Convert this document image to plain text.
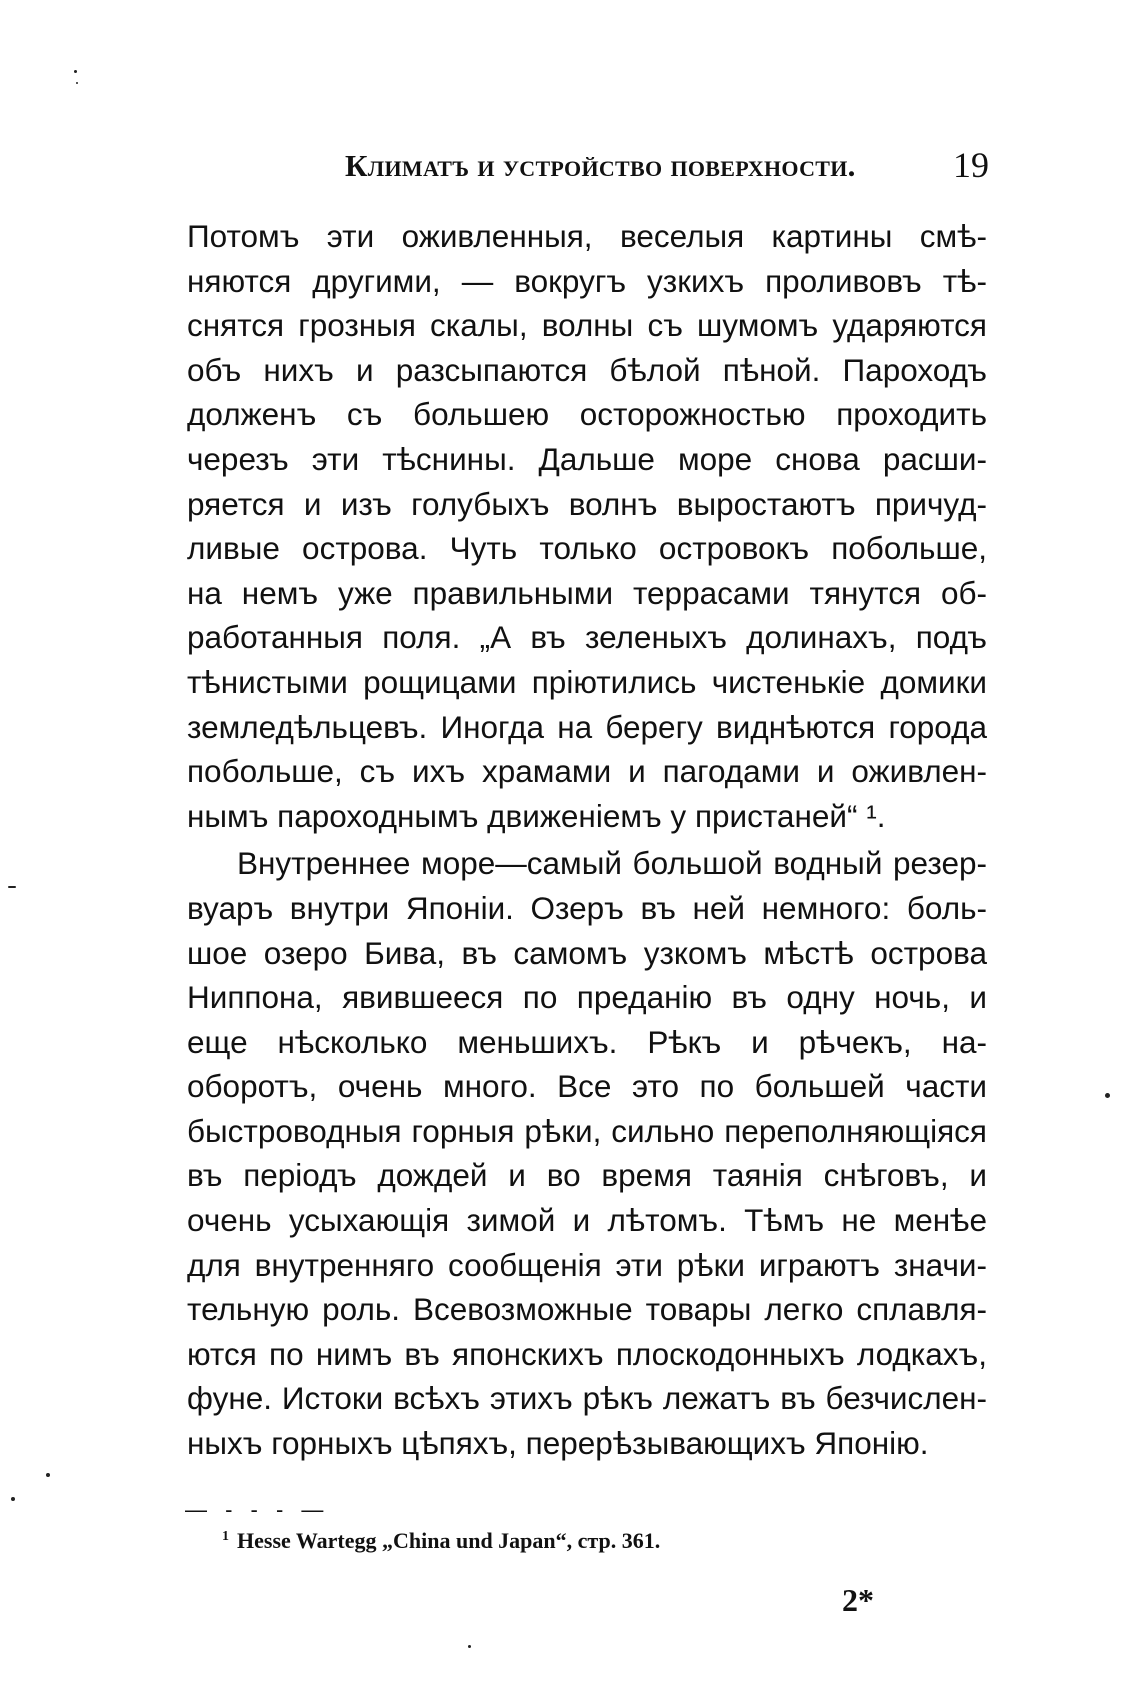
Климатъ и устройство поверхности.	19
Потомъ эти оживленныя, веселыя картины смѣ-
няются другими, — вокругъ узкихъ проливовъ тѣ-
снятся грозныя скалы, волны съ шумомъ ударяются
объ нихъ и разсыпаются бѣлой пѣной. Пароходъ
долженъ съ большею осторожностью проходить
черезъ эти тѣснины. Дальше море снова расши-
ряется и изъ голубыхъ волнъ выростаютъ причуд-
ливые острова. Чуть только островокъ побольше,
на немъ уже правильными террасами тянутся об-
работанныя поля. „А въ зеленыхъ долинахъ, подъ
тѣнистыми рощицами пріютились чистенькіе домики
земледѣльцевъ. Иногда на берегу виднѣются города
побольше, съ ихъ храмами и пагодами и оживлен-
нымъ пароходнымъ движеніемъ у пристаней“ ¹.
Внутреннее море—самый большой водный резер-
вуаръ внутри Японіи. Озеръ въ ней немного: боль-
шое озеро Бива, въ самомъ узкомъ мѣстѣ острова
Ниппона, явившееся по преданію въ одну ночь, и
еще нѣсколько меньшихъ. Рѣкъ и рѣчекъ, на-
оборотъ, очень много. Все это по большей части
быстроводныя горныя рѣки, сильно переполняющіяся
въ періодъ дождей и во время таянія снѣговъ, и
очень усыхающія зимой и лѣтомъ. Тѣмъ не менѣе
для внутренняго сообщенія эти рѣки играютъ значи-
тельную роль. Всевозможные товары легко сплавля-
ются по нимъ въ японскихъ плоскодонныхъ лодкахъ,
фуне. Истоки всѣхъ этихъ рѣкъ лежатъ въ безчислен-
ныхъ горныхъ цѣпяхъ, перерѣзывающихъ Японію.
— - - - —
$^1$ Hesse Wartegg „China und Japan“, стр. 361.
2*
